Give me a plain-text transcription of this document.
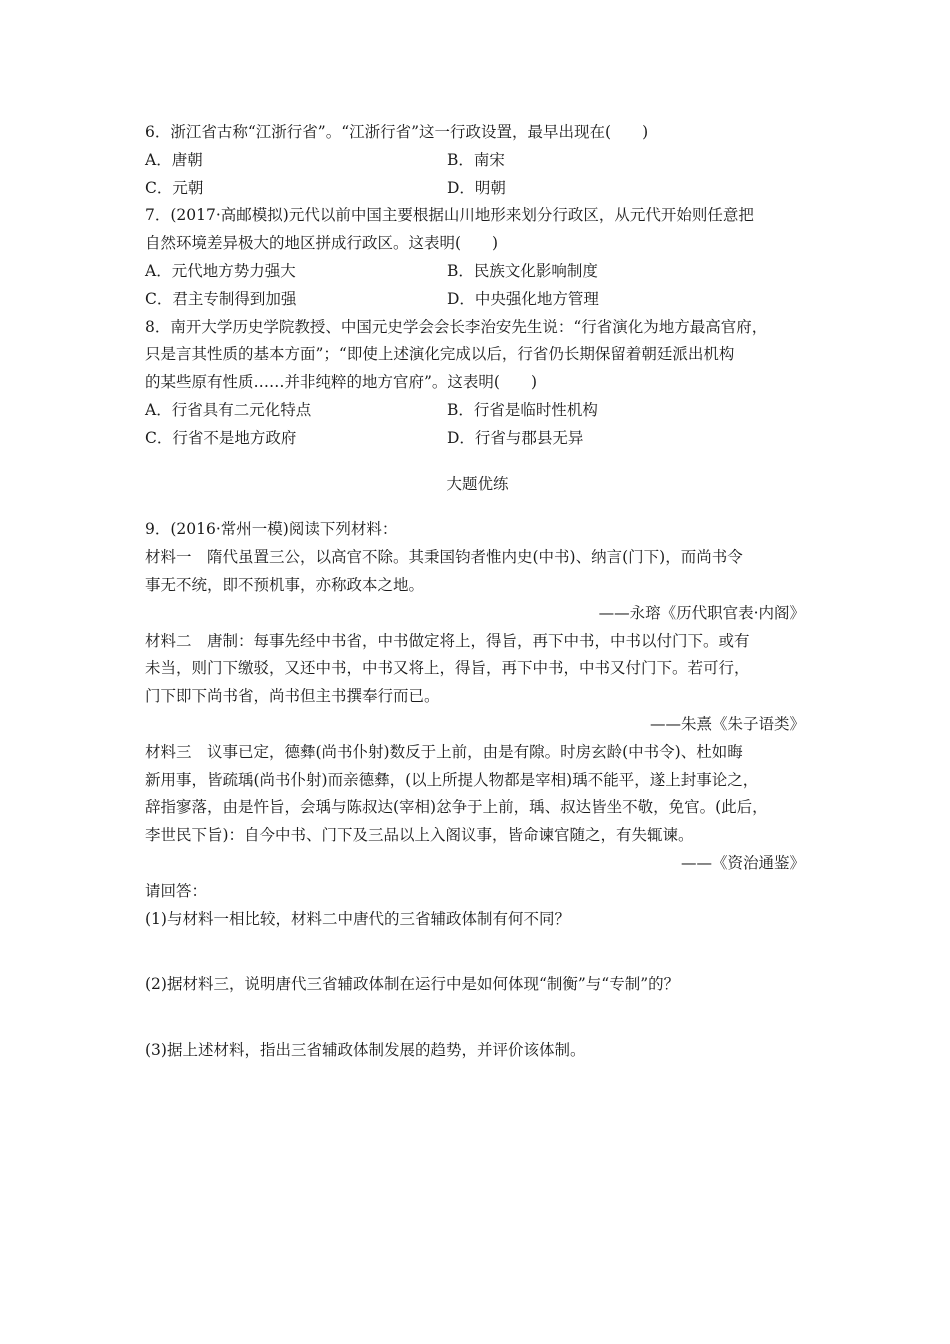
6．浙江省古称“江浙行省”。“江浙行省”这一行政设置，最早出现在(　　)
A．唐朝	B．南宋
C．元朝	D．明朝
7．(2017·高邮模拟)元代以前中国主要根据山川地形来划分行政区，从元代开始则任意把
自然环境差异极大的地区拼成行政区。这表明(　　)
A．元代地方势力强大	B．民族文化影响制度
C．君主专制得到加强	D．中央强化地方管理
8．南开大学历史学院教授、中国元史学会会长李治安先生说：“行省演化为地方最高官府，
只是言其性质的基本方面”；“即使上述演化完成以后，行省仍长期保留着朝廷派出机构
的某些原有性质……并非纯粹的地方官府”。这表明(　　)
A．行省具有二元化特点	B．行省是临时性机构
C．行省不是地方政府	D．行省与郡县无异
大题优练
9．(2016·常州一模)阅读下列材料：
材料一　隋代虽置三公，以高官不除。其秉国钧者惟内史(中书)、纳言(门下)，而尚书令
事无不统，即不预机事，亦称政本之地。
——永瑢《历代职官表·内阁》
材料二　唐制：每事先经中书省，中书做定将上，得旨，再下中书，中书以付门下。或有
未当，则门下缴驳，又还中书，中书又将上，得旨，再下中书，中书又付门下。若可行，
门下即下尚书省，尚书但主书撰奉行而已。
——朱熹《朱子语类》
材料三　议事已定，德彝(尚书仆射)数反于上前，由是有隙。时房玄龄(中书令)、杜如晦
新用事，皆疏瑀(尚书仆射)而亲德彝，(以上所提人物都是宰相)瑀不能平，遂上封事论之，
辞指寥落，由是忤旨，会瑀与陈叔达(宰相)忿争于上前，瑀、叔达皆坐不敬，免官。(此后，
李世民下旨)：自今中书、门下及三品以上入阁议事，皆命谏官随之，有失辄谏。
——《资治通鉴》
请回答：
(1)与材料一相比较，材料二中唐代的三省辅政体制有何不同？
(2)据材料三，说明唐代三省辅政体制在运行中是如何体现“制衡”与“专制”的？
(3)据上述材料，指出三省辅政体制发展的趋势，并评价该体制。
